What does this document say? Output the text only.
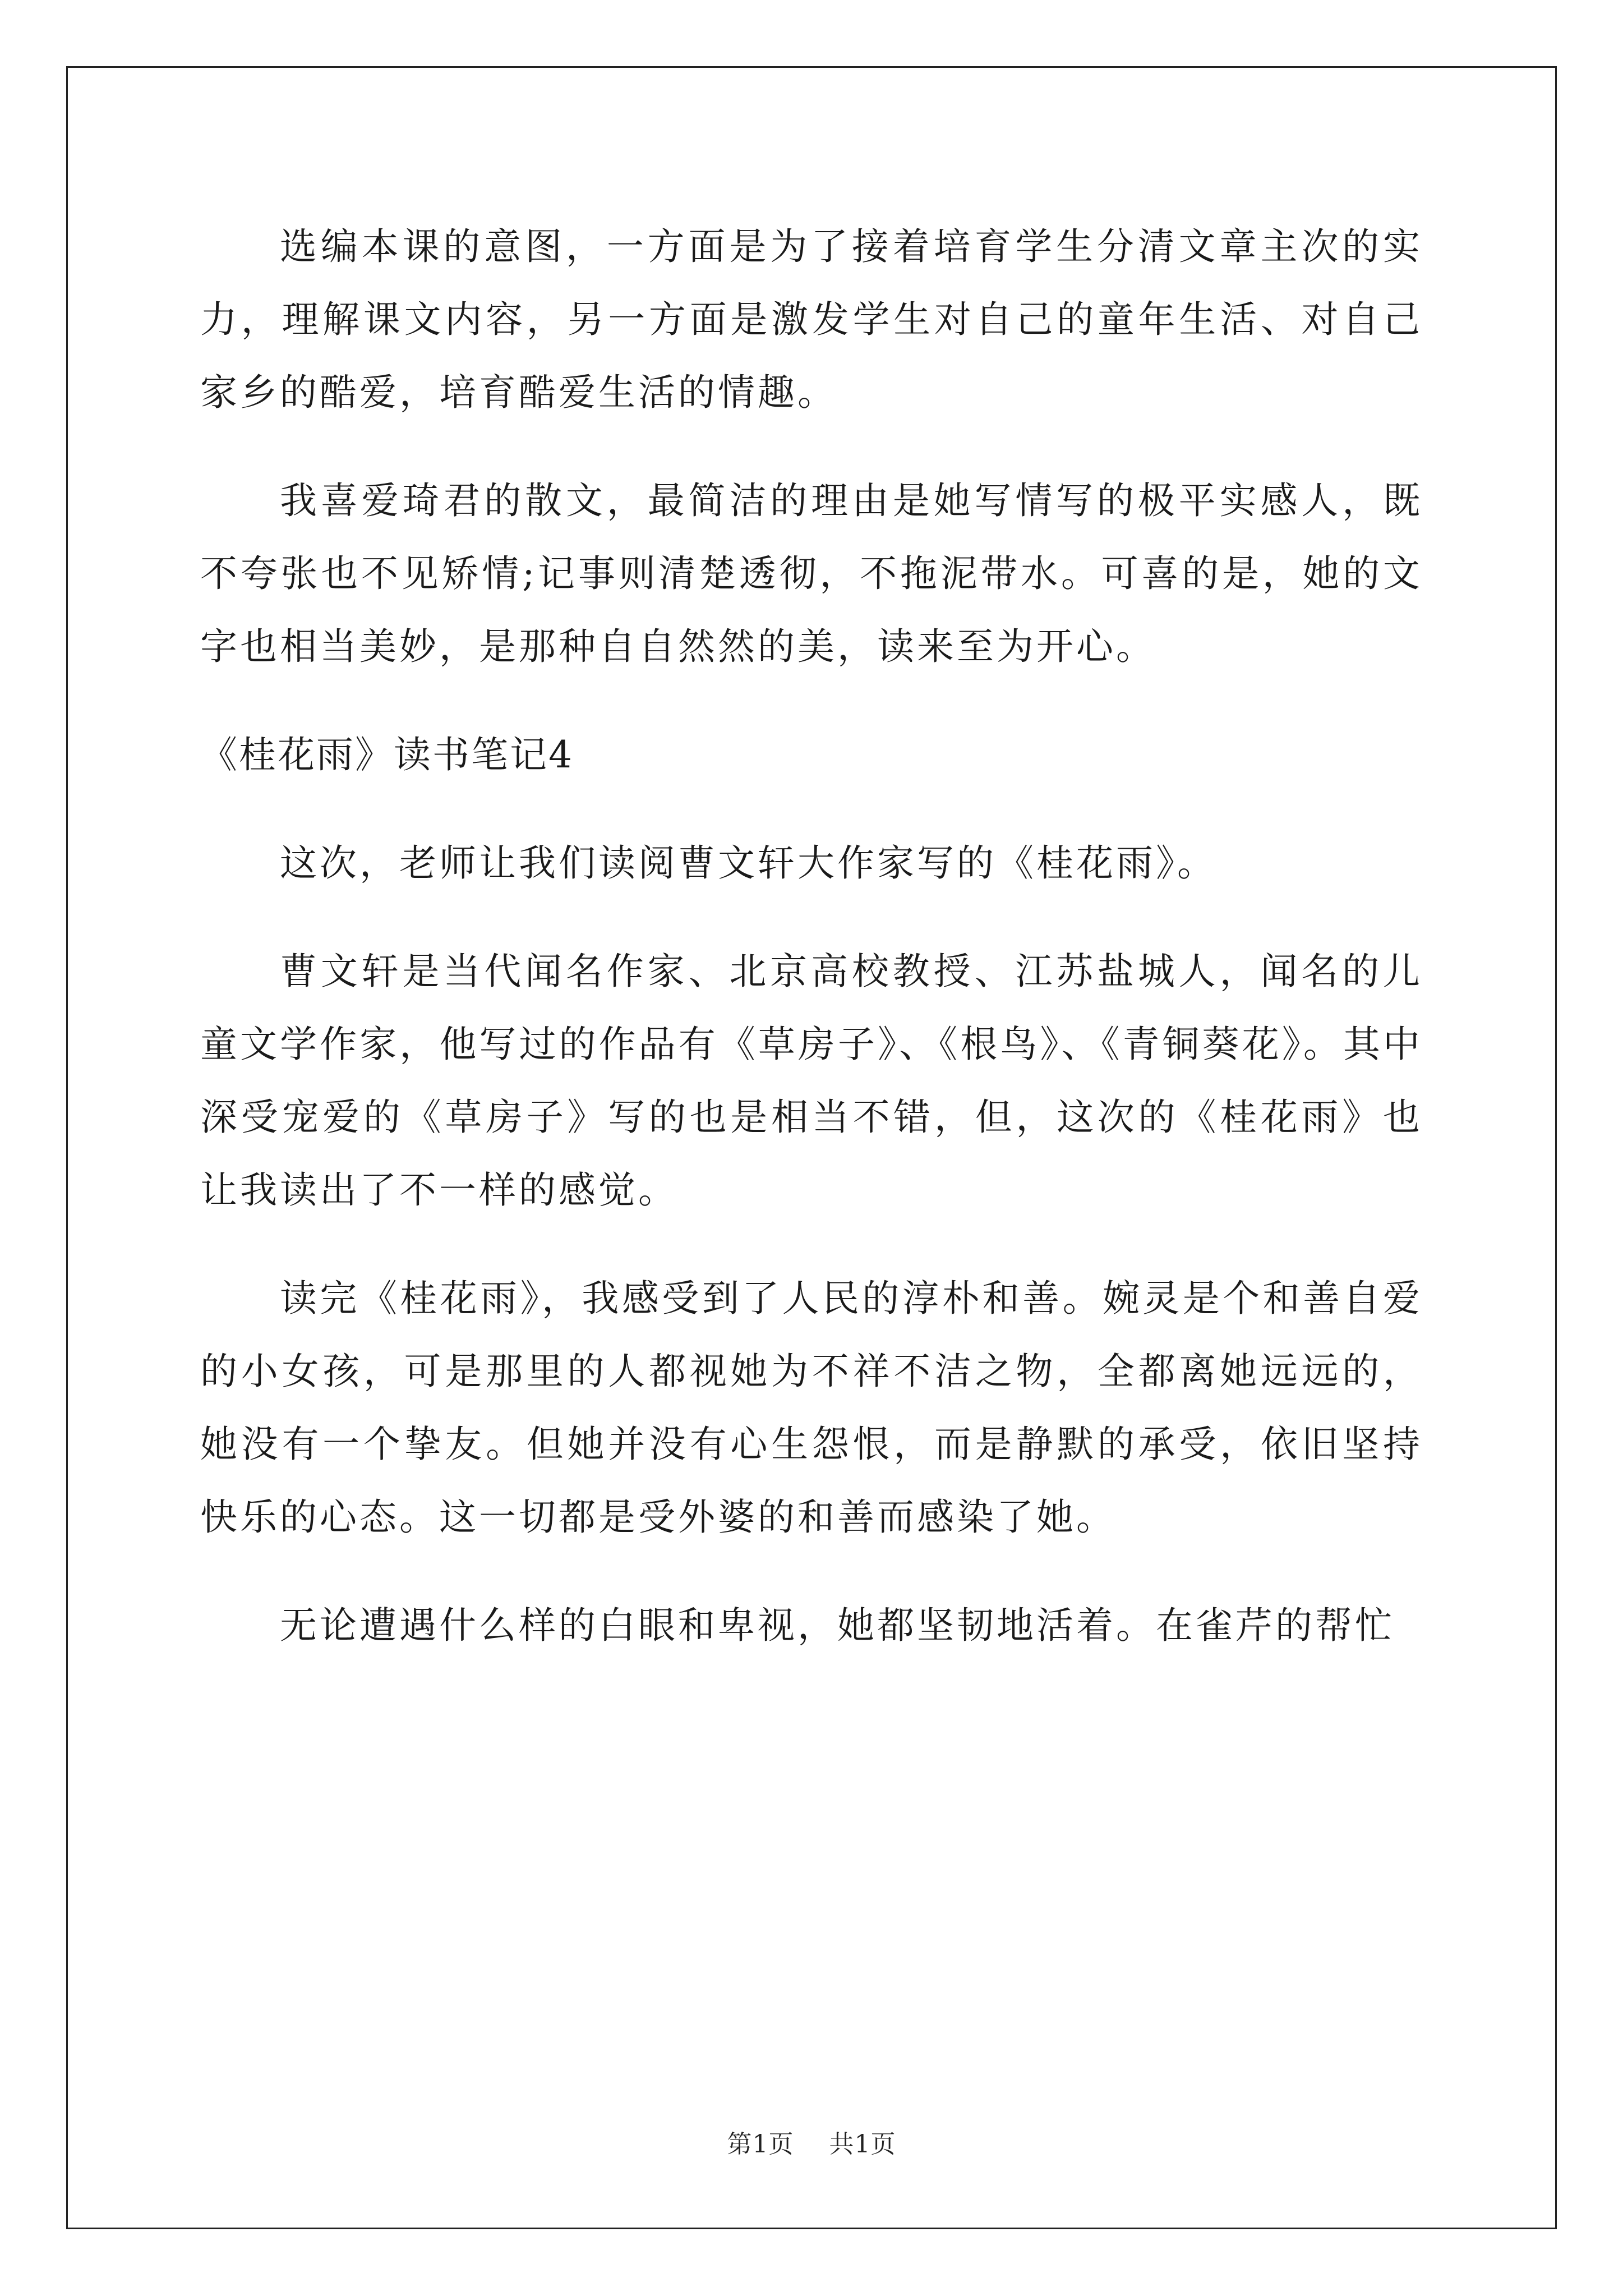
选编本课的意图，一方面是为了接着培育学生分清文章主次的实力，理解课文内容，另一方面是激发学生对自己的童年生活、对自己家乡的酷爱，培育酷爱生活的情趣。

我喜爱琦君的散文，最简洁的理由是她写情写的极平实感人，既不夸张也不见矫情;记事则清楚透彻，不拖泥带水。可喜的是，她的文字也相当美妙，是那种自自然然的美，读来至为开心。

《桂花雨》读书笔记4

这次，老师让我们读阅曹文轩大作家写的《桂花雨》。

曹文轩是当代闻名作家、北京高校教授、江苏盐城人，闻名的儿童文学作家，他写过的作品有《草房子》、《根鸟》、《青铜葵花》。其中深受宠爱的《草房子》写的也是相当不错，但，这次的《桂花雨》也让我读出了不一样的感觉。

读完《桂花雨》，我感受到了人民的淳朴和善。婉灵是个和善自爱的小女孩，可是那里的人都视她为不祥不洁之物，全都离她远远的，她没有一个挚友。但她并没有心生怨恨，而是静默的承受，依旧坚持快乐的心态。这一切都是受外婆的和善而感染了她。

无论遭遇什么样的白眼和卑视，她都坚韧地活着。在雀芹的帮忙

第1页 共1页
